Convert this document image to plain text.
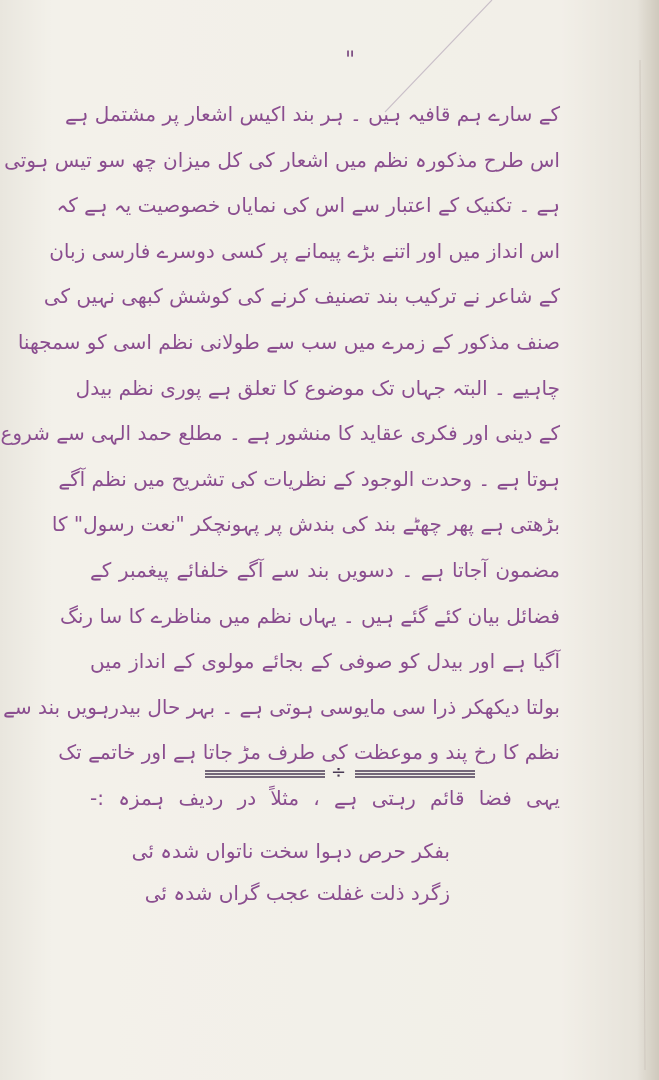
"
کے سارے ہم قافیہ ہیں ۔ ہر بند اکیس اشعار پر مشتمل ہے
اس طرح مذکورہ نظم میں اشعار کی کل میزان چھ سو تیس ہوتی
ہے ۔ تکنیک کے اعتبار سے اس کی نمایاں خصوصیت یہ ہے کہ
اس انداز میں اور اتنے بڑے پیمانے پر کسی دوسرے فارسی زبان
کے شاعر نے ترکیب بند تصنیف کرنے کی کوشش کبھی نہیں کی
صنف مذکور کے زمرے میں سب سے طولانی نظم اسی کو سمجھنا
چاہیے ۔ البتہ جہاں تک موضوع کا تعلق ہے پوری نظم بیدل
کے دینی اور فکری عقاید کا منشور ہے ۔ مطلع حمد الہی سے شروع
ہوتا ہے ۔ وحدت الوجود کے نظریات کی تشریح میں نظم آگے
بڑھتی ہے پھر چھٹے بند کی بندش پر پہونچکر "نعت رسول" کا
مضمون آجاتا ہے ۔ دسویں بند سے آگے خلفائے پیغمبر کے
فضائل بیان کئے گئے ہیں ۔ یہاں نظم میں مناظرے کا سا رنگ
آگیا ہے اور بیدل کو صوفی کے بجائے مولوی کے انداز میں
بولتا دیکھکر ذرا سی مایوسی ہوتی ہے ۔ بہر حال بیدرہویں بند سے
نظم کا رخ پند و موعظت کی طرف مڑ جاتا ہے اور خاتمے تک
یہی فضا قائم رہتی ہے ، مثلاً در ردیف ہمزہ :-
÷
بفکر حرص دہوا سخت ناتواں شدہ ئی
زگرد ذلت غفلت عجب گراں شدہ ئی
